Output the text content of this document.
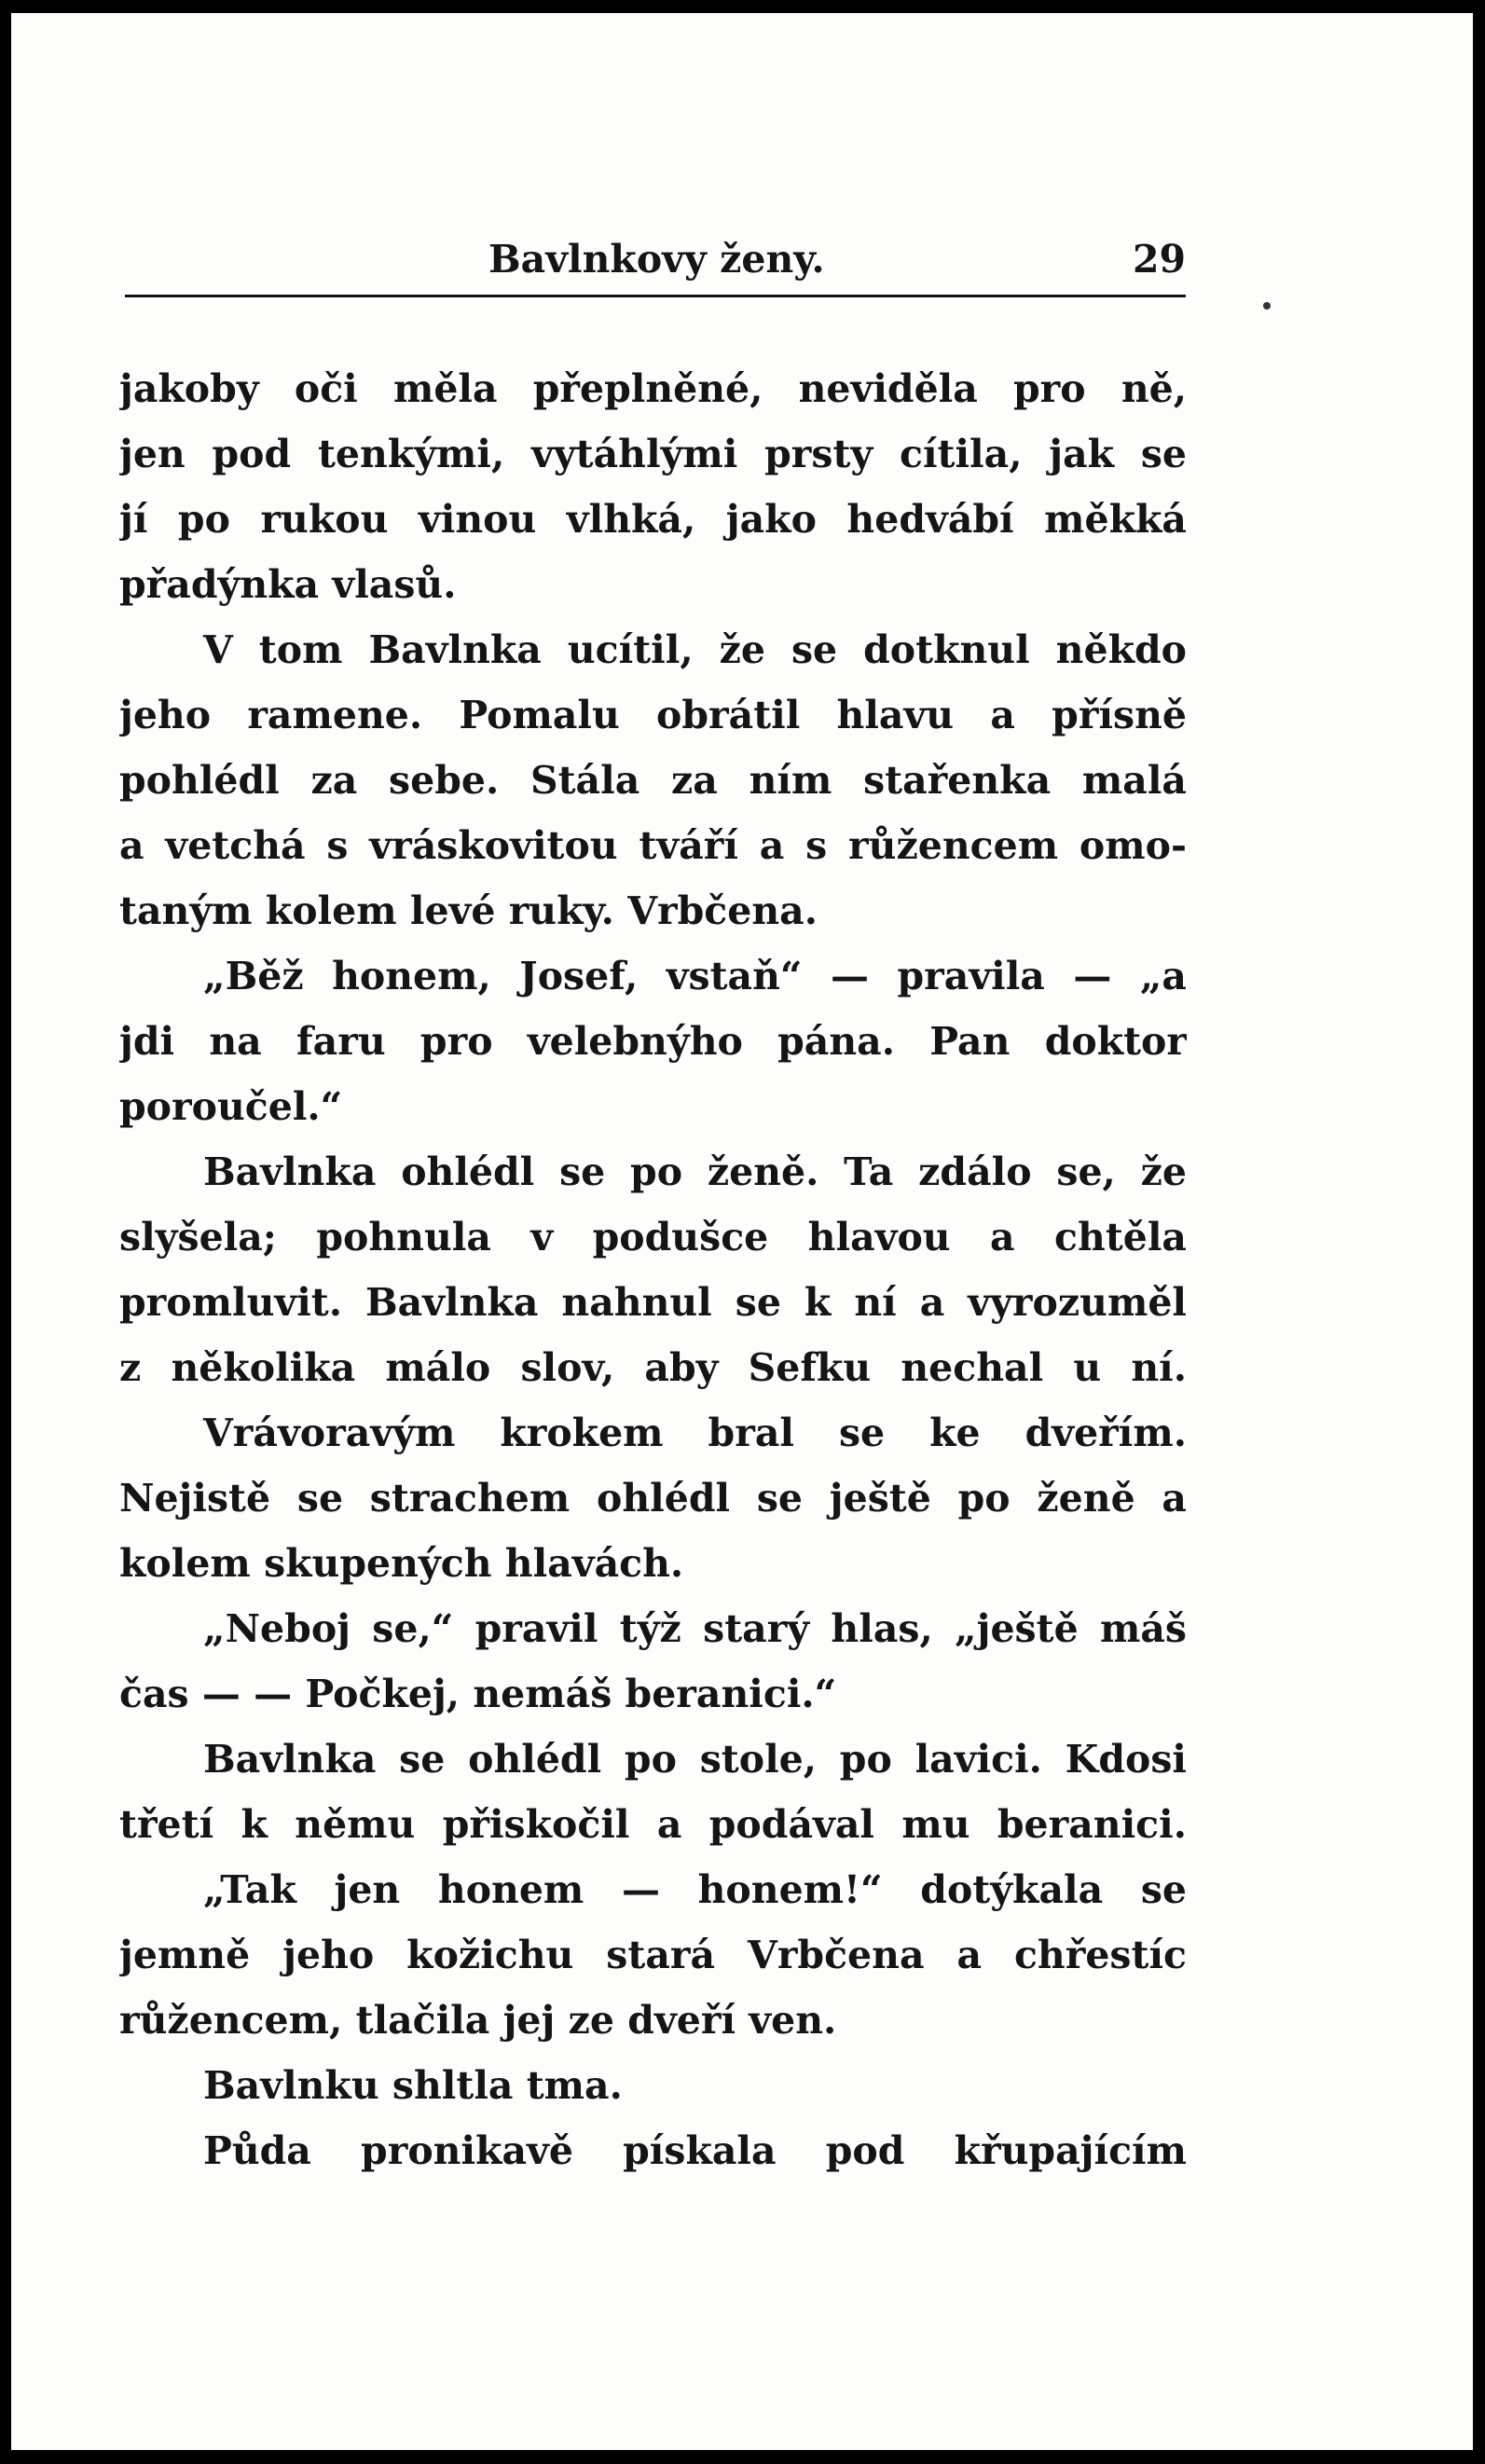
Bavlnkovy ženy.	29
jakoby oči měla přeplněné, neviděla pro ně,
jen pod tenkými, vytáhlými prsty cítila, jak se
jí po rukou vinou vlhká, jako hedvábí měkká
přadýnka vlasů.
V tom Bavlnka ucítil, že se dotknul někdo
jeho ramene. Pomalu obrátil hlavu a přísně
pohlédl za sebe. Stála za ním stařenka malá
a vetchá s vráskovitou tváří a s růžencem omo-
taným kolem levé ruky. Vrbčena.
„Běž honem, Josef, vstaň“ — pravila — „a
jdi na faru pro velebnýho pána. Pan doktor
poroučel.“
Bavlnka ohlédl se po ženě. Ta zdálo se, že
slyšela; pohnula v podušce hlavou a chtěla
promluvit. Bavlnka nahnul se k ní a vyrozuměl
z několika málo slov, aby Sefku nechal u ní.
Vrávoravým krokem bral se ke dveřím.
Nejistě se strachem ohlédl se ještě po ženě a
kolem skupených hlavách.
„Neboj se,“ pravil týž starý hlas, „ještě máš
čas — — Počkej, nemáš beranici.“
Bavlnka se ohlédl po stole, po lavici. Kdosi
třetí k němu přiskočil a podával mu beranici.
„Tak jen honem — honem!“ dotýkala se
jemně jeho kožichu stará Vrbčena a chřestíc
růžencem, tlačila jej ze dveří ven.
Bavlnku shltla tma.
Půda pronikavě pískala pod křupajícím
